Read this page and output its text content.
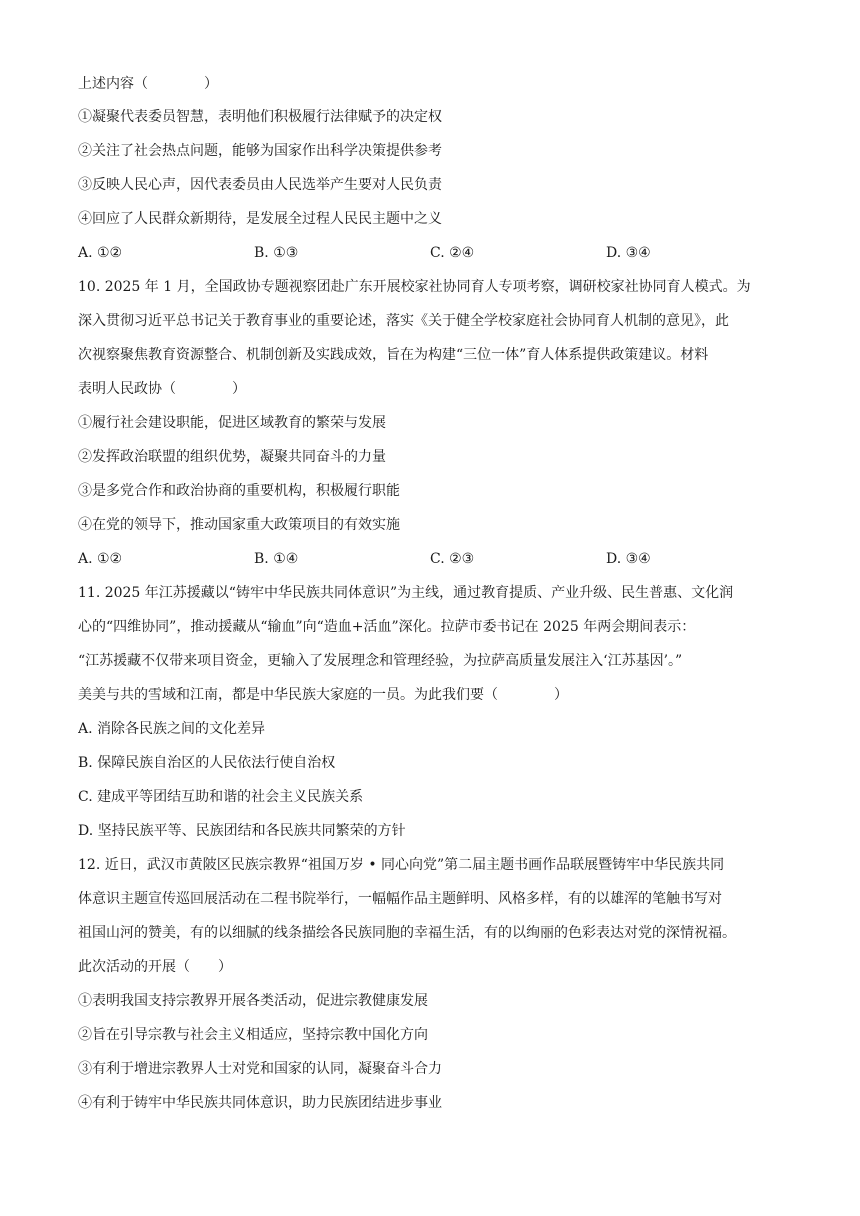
上述内容（　　　　）
①凝聚代表委员智慧，表明他们积极履行法律赋予的决定权
②关注了社会热点问题，能够为国家作出科学决策提供参考
③反映人民心声，因代表委员由人民选举产生要对人民负责
④回应了人民群众新期待，是发展全过程人民民主题中之义
A. ①②	B. ①③	C. ②④	D. ③④
10. 2025 年 1 月，全国政协专题视察团赴广东开展校家社协同育人专项考察，调研校家社协同育人模式。为
深入贯彻习近平总书记关于教育事业的重要论述，落实《关于健全学校家庭社会协同育人机制的意见》，此
次视察聚焦教育资源整合、机制创新及实践成效，旨在为构建“三位一体”育人体系提供政策建议。材料
表明人民政协（　　　　）
①履行社会建设职能，促进区域教育的繁荣与发展
②发挥政治联盟的组织优势，凝聚共同奋斗的力量
③是多党合作和政治协商的重要机构，积极履行职能
④在党的领导下，推动国家重大政策项目的有效实施
A. ①②	B. ①④	C. ②③	D. ③④
11. 2025 年江苏援藏以“铸牢中华民族共同体意识”为主线，通过教育提质、产业升级、民生普惠、文化润
心的“四维协同”，推动援藏从“输血”向“造血+活血”深化。拉萨市委书记在 2025 年两会期间表示：
“江苏援藏不仅带来项目资金，更输入了发展理念和管理经验，为拉萨高质量发展注入‘江苏基因’。”
美美与共的雪域和江南，都是中华民族大家庭的一员。为此我们要（　　　　）
A. 消除各民族之间的文化差异
B. 保障民族自治区的人民依法行使自治权
C. 建成平等团结互助和谐的社会主义民族关系
D. 坚持民族平等、民族团结和各民族共同繁荣的方针
12. 近日，武汉市黄陂区民族宗教界“祖国万岁 • 同心向党”第二届主题书画作品联展暨铸牢中华民族共同
体意识主题宣传巡回展活动在二程书院举行，一幅幅作品主题鲜明、风格多样，有的以雄浑的笔触书写对
祖国山河的赞美，有的以细腻的线条描绘各民族同胞的幸福生活，有的以绚丽的色彩表达对党的深情祝福。
此次活动的开展（　　）
①表明我国支持宗教界开展各类活动，促进宗教健康发展
②旨在引导宗教与社会主义相适应，坚持宗教中国化方向
③有利于增进宗教界人士对党和国家的认同，凝聚奋斗合力
④有利于铸牢中华民族共同体意识，助力民族团结进步事业
